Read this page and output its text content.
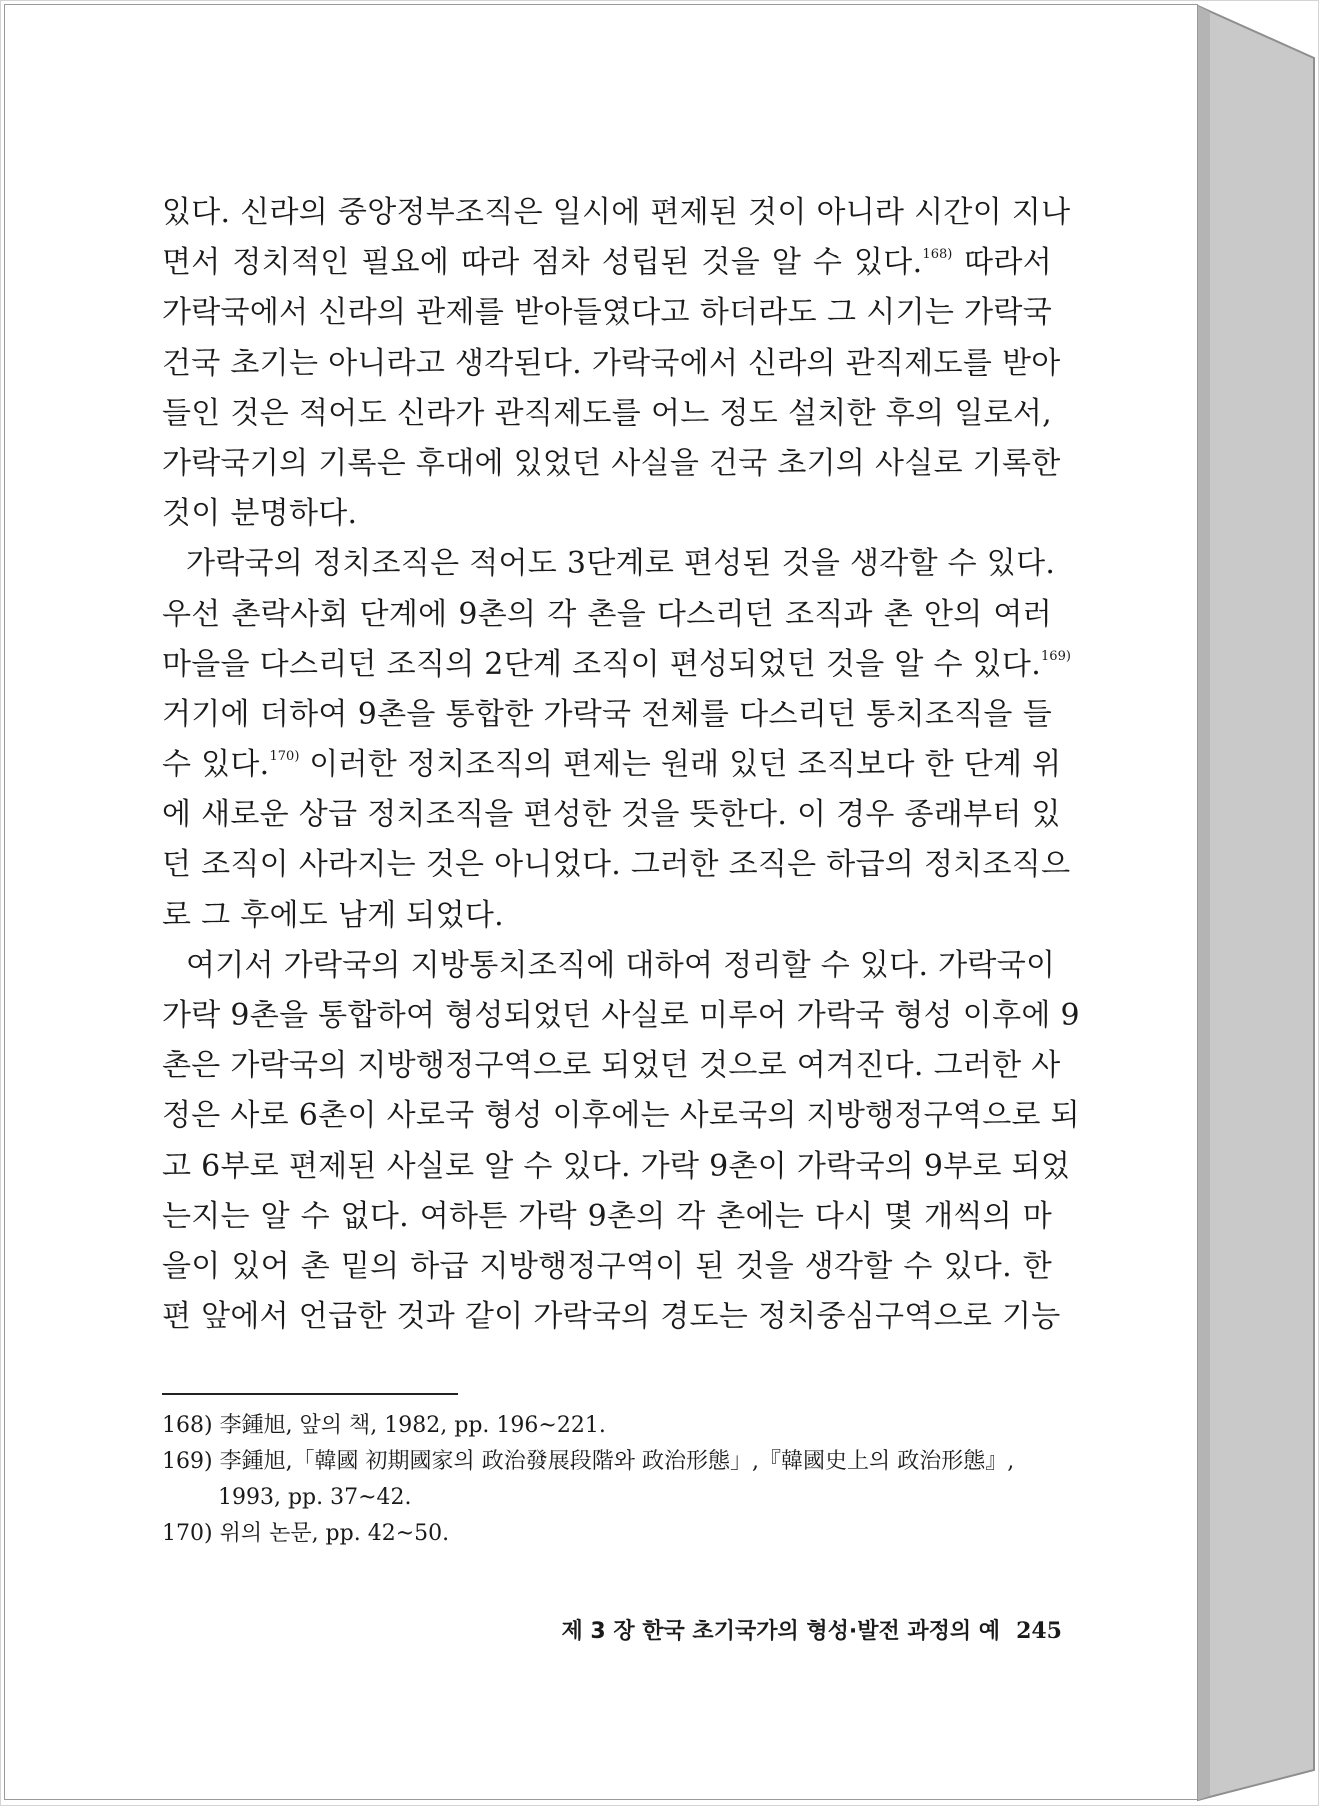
있다. 신라의 중앙정부조직은 일시에 편제된 것이 아니라 시간이 지나
면서 정치적인 필요에 따라 점차 성립된 것을 알 수 있다.$^{168)}$ 따라서
가락국에서 신라의 관제를 받아들였다고 하더라도 그 시기는 가락국
건국 초기는 아니라고 생각된다. 가락국에서 신라의 관직제도를 받아
들인 것은 적어도 신라가 관직제도를 어느 정도 설치한 후의 일로서,
가락국기의 기록은 후대에 있었던 사실을 건국 초기의 사실로 기록한
것이 분명하다.
가락국의 정치조직은 적어도 3단계로 편성된 것을 생각할 수 있다.
우선 촌락사회 단계에 9촌의 각 촌을 다스리던 조직과 촌 안의 여러
마을을 다스리던 조직의 2단계 조직이 편성되었던 것을 알 수 있다.$^{169)}$
거기에 더하여 9촌을 통합한 가락국 전체를 다스리던 통치조직을 들
수 있다.$^{170)}$ 이러한 정치조직의 편제는 원래 있던 조직보다 한 단계 위
에 새로운 상급 정치조직을 편성한 것을 뜻한다. 이 경우 종래부터 있
던 조직이 사라지는 것은 아니었다. 그러한 조직은 하급의 정치조직으
로 그 후에도 남게 되었다.
여기서 가락국의 지방통치조직에 대하여 정리할 수 있다. 가락국이
가락 9촌을 통합하여 형성되었던 사실로 미루어 가락국 형성 이후에 9
촌은 가락국의 지방행정구역으로 되었던 것으로 여겨진다. 그러한 사
정은 사로 6촌이 사로국 형성 이후에는 사로국의 지방행정구역으로 되
고 6부로 편제된 사실로 알 수 있다. 가락 9촌이 가락국의 9부로 되었
는지는 알 수 없다. 여하튼 가락 9촌의 각 촌에는 다시 몇 개씩의 마
을이 있어 촌 밑의 하급 지방행정구역이 된 것을 생각할 수 있다. 한
편 앞에서 언급한 것과 같이 가락국의 경도는 정치중심구역으로 기능
168) 李鍾旭, 앞의 책, 1982, pp. 196~221.
169) 李鍾旭,「韓國 初期國家의 政治發展段階와 政治形態」,『韓國史上의 政治形態』,
1993, pp. 37~42.
170) 위의 논문, pp. 42~50.
제 3 장 한국 초기국가의 형성·발전 과정의 예 245
